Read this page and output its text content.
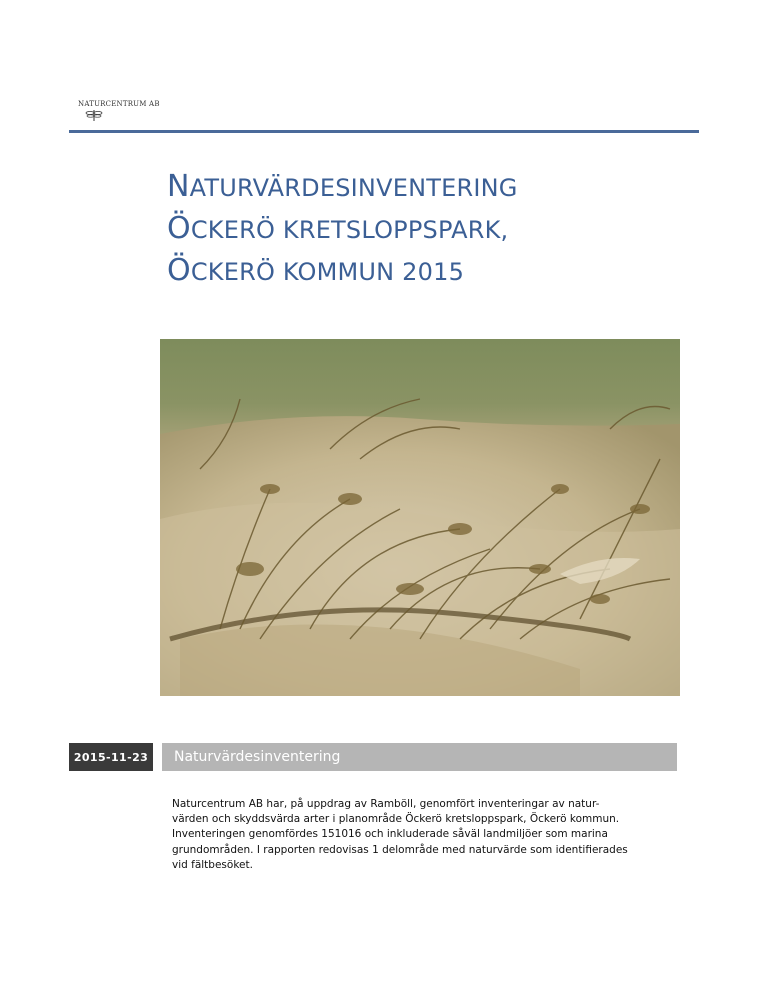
NATURCENTRUM AB
NATURVÄRDESINVENTERING
ÖCKERÖ KRETSLOPPSPARK,
ÖCKERÖ KOMMUN 2015
2015-11-23	Naturvärdesinventering

Naturcentrum AB har, på uppdrag av Ramböll, genomfört inventeringar av natur-
värden och skyddsvärda arter i planområde Öckerö kretsloppspark, Öckerö kommun.
Inventeringen genomfördes 151016 och inkluderade såväl landmiljöer som marina
grundområden. I rapporten redovisas 1 delområde med naturvärde som identifierades
vid fältbesöket.
